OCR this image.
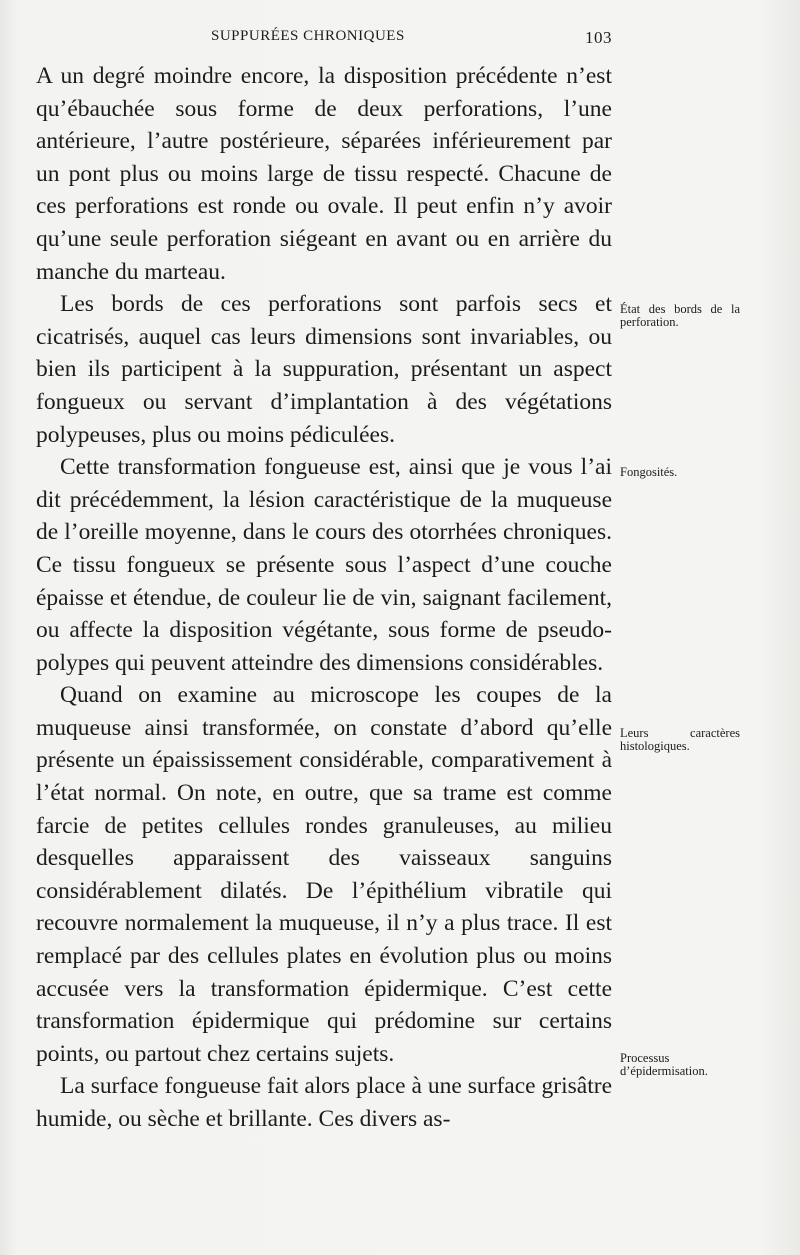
SUPPURÉES CHRONIQUES	103

A un degré moindre encore, la disposition précédente n’est qu’ébauchée sous forme de deux perforations, l’une antérieure, l’autre postérieure, séparées inférieurement par un pont plus ou moins large de tissu respecté. Chacune de ces perforations est ronde ou ovale. Il peut enfin n’y avoir qu’une seule perforation siégeant en avant ou en arrière du manche du marteau.

Les bords de ces perforations sont parfois secs et cicatrisés, auquel cas leurs dimensions sont invariables, ou bien ils participent à la suppuration, présentant un aspect fongueux ou servant d’implantation à des végétations polypeuses, plus ou moins pédiculées.

Cette transformation fongueuse est, ainsi que je vous l’ai dit précédemment, la lésion caractéristique de la muqueuse de l’oreille moyenne, dans le cours des otorrhées chroniques. Ce tissu fongueux se présente sous l’aspect d’une couche épaisse et étendue, de couleur lie de vin, saignant facilement, ou affecte la disposition végétante, sous forme de pseudo-polypes qui peuvent atteindre des dimensions considérables.

Quand on examine au microscope les coupes de la muqueuse ainsi transformée, on constate d’abord qu’elle présente un épaississement considérable, comparativement à l’état normal. On note, en outre, que sa trame est comme farcie de petites cellules rondes granuleuses, au milieu desquelles apparaissent des vaisseaux sanguins considérablement dilatés. De l’épithélium vibratile qui recouvre normalement la muqueuse, il n’y a plus trace. Il est remplacé par des cellules plates en évolution plus ou moins accusée vers la transformation épidermique. C’est cette transformation épidermique qui prédomine sur certains points, ou partout chez certains sujets.

La surface fongueuse fait alors place à une surface grisâtre humide, ou sèche et brillante. Ces divers as-

État des bords de la perforation.
Fongosités.
Leurs caractères histologiques.
Processus d’épidermisation.
